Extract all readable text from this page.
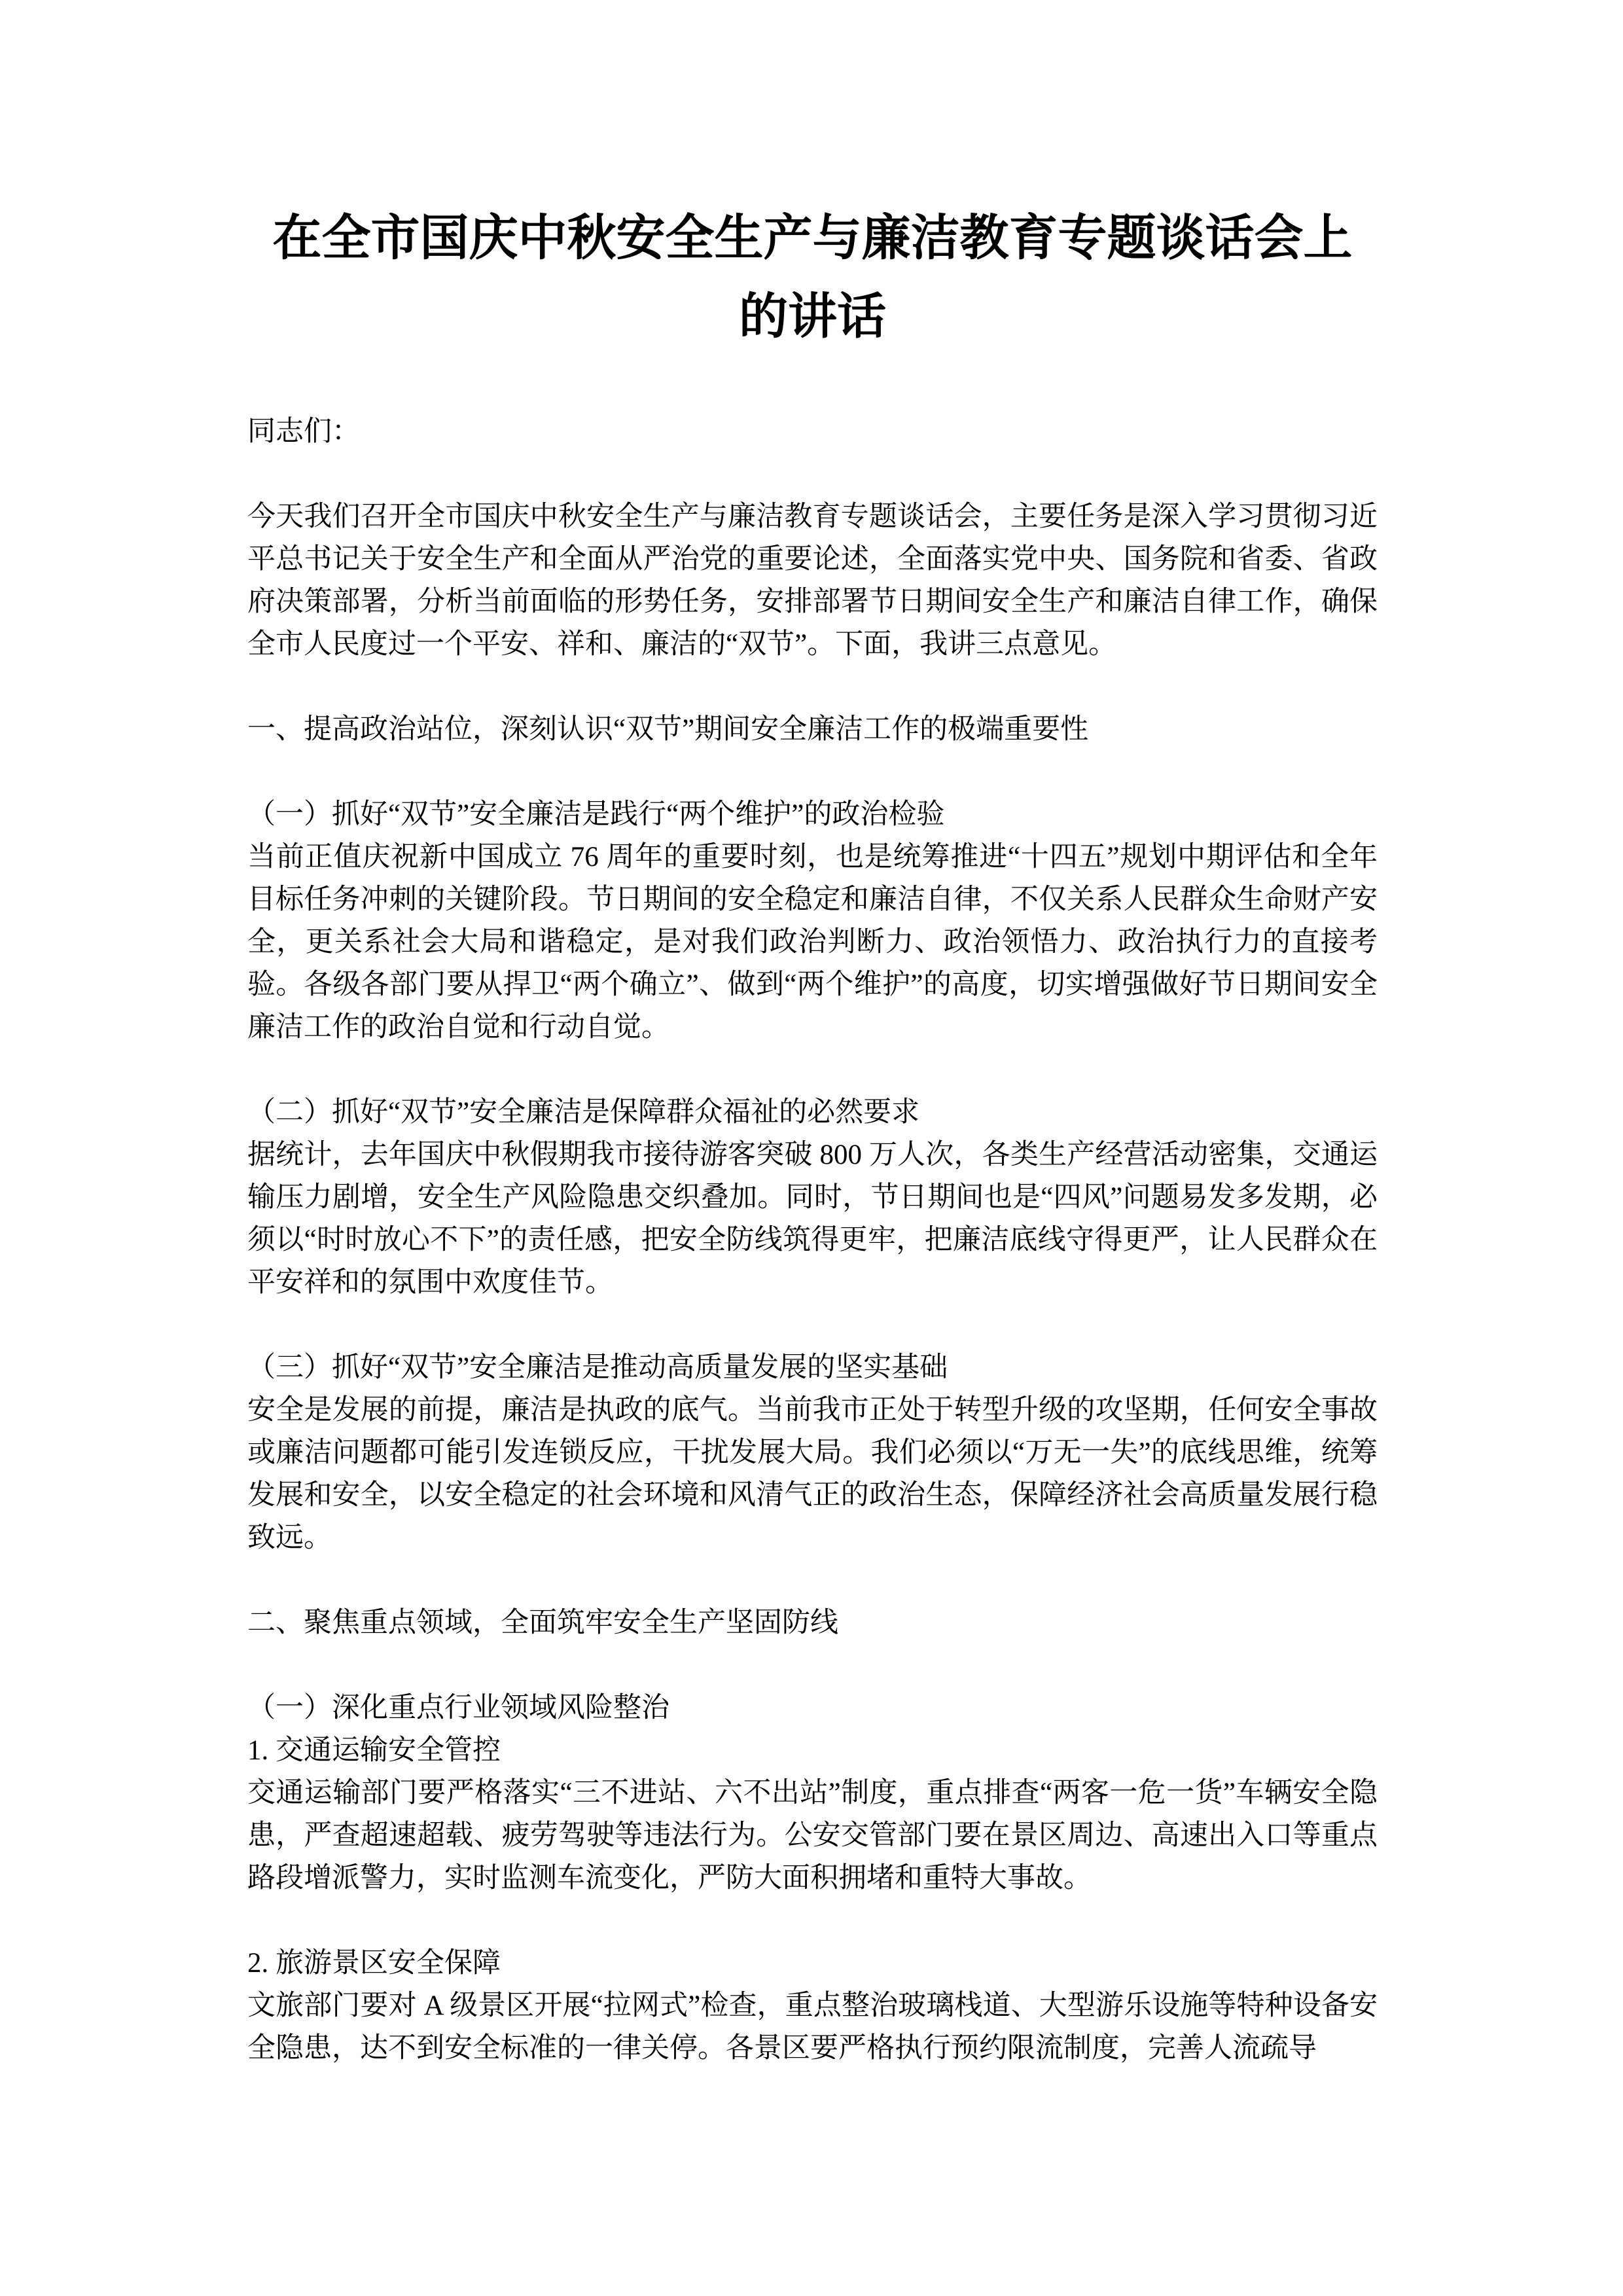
在全市国庆中秋安全生产与廉洁教育专题谈话会上
的讲话

同志们：

今天我们召开全市国庆中秋安全生产与廉洁教育专题谈话会，主要任务是深入学习贯彻习近平总书记关于安全生产和全面从严治党的重要论述，全面落实党中央、国务院和省委、省政府决策部署，分析当前面临的形势任务，安排部署节日期间安全生产和廉洁自律工作，确保全市人民度过一个平安、祥和、廉洁的“双节”。下面，我讲三点意见。

一、提高政治站位，深刻认识“双节”期间安全廉洁工作的极端重要性

（一）抓好“双节”安全廉洁是践行“两个维护”的政治检验
当前正值庆祝新中国成立 76 周年的重要时刻，也是统筹推进“十四五”规划中期评估和全年目标任务冲刺的关键阶段。节日期间的安全稳定和廉洁自律，不仅关系人民群众生命财产安全，更关系社会大局和谐稳定，是对我们政治判断力、政治领悟力、政治执行力的直接考验。各级各部门要从捍卫“两个确立”、做到“两个维护”的高度，切实增强做好节日期间安全廉洁工作的政治自觉和行动自觉。
（二）抓好“双节”安全廉洁是保障群众福祉的必然要求
据统计，去年国庆中秋假期我市接待游客突破 800 万人次，各类生产经营活动密集，交通运输压力剧增，安全生产风险隐患交织叠加。同时，节日期间也是“四风”问题易发多发期，必须以“时时放心不下”的责任感，把安全防线筑得更牢，把廉洁底线守得更严，让人民群众在平安祥和的氛围中欢度佳节。
（三）抓好“双节”安全廉洁是推动高质量发展的坚实基础
安全是发展的前提，廉洁是执政的底气。当前我市正处于转型升级的攻坚期，任何安全事故或廉洁问题都可能引发连锁反应，干扰发展大局。我们必须以“万无一失”的底线思维，统筹发展和安全，以安全稳定的社会环境和风清气正的政治生态，保障经济社会高质量发展行稳致远。

二、聚焦重点领域，全面筑牢安全生产坚固防线

（一）深化重点行业领域风险整治
1. 交通运输安全管控
交通运输部门要严格落实“三不进站、六不出站”制度，重点排查“两客一危一货”车辆安全隐患，严查超速超载、疲劳驾驶等违法行为。公安交管部门要在景区周边、高速出入口等重点路段增派警力，实时监测车流变化，严防大面积拥堵和重特大事故。
2. 旅游景区安全保障
文旅部门要对 A 级景区开展“拉网式”检查，重点整治玻璃栈道、大型游乐设施等特种设备安全隐患，达不到安全标准的一律关停。各景区要严格执行预约限流制度，完善人流疏导
